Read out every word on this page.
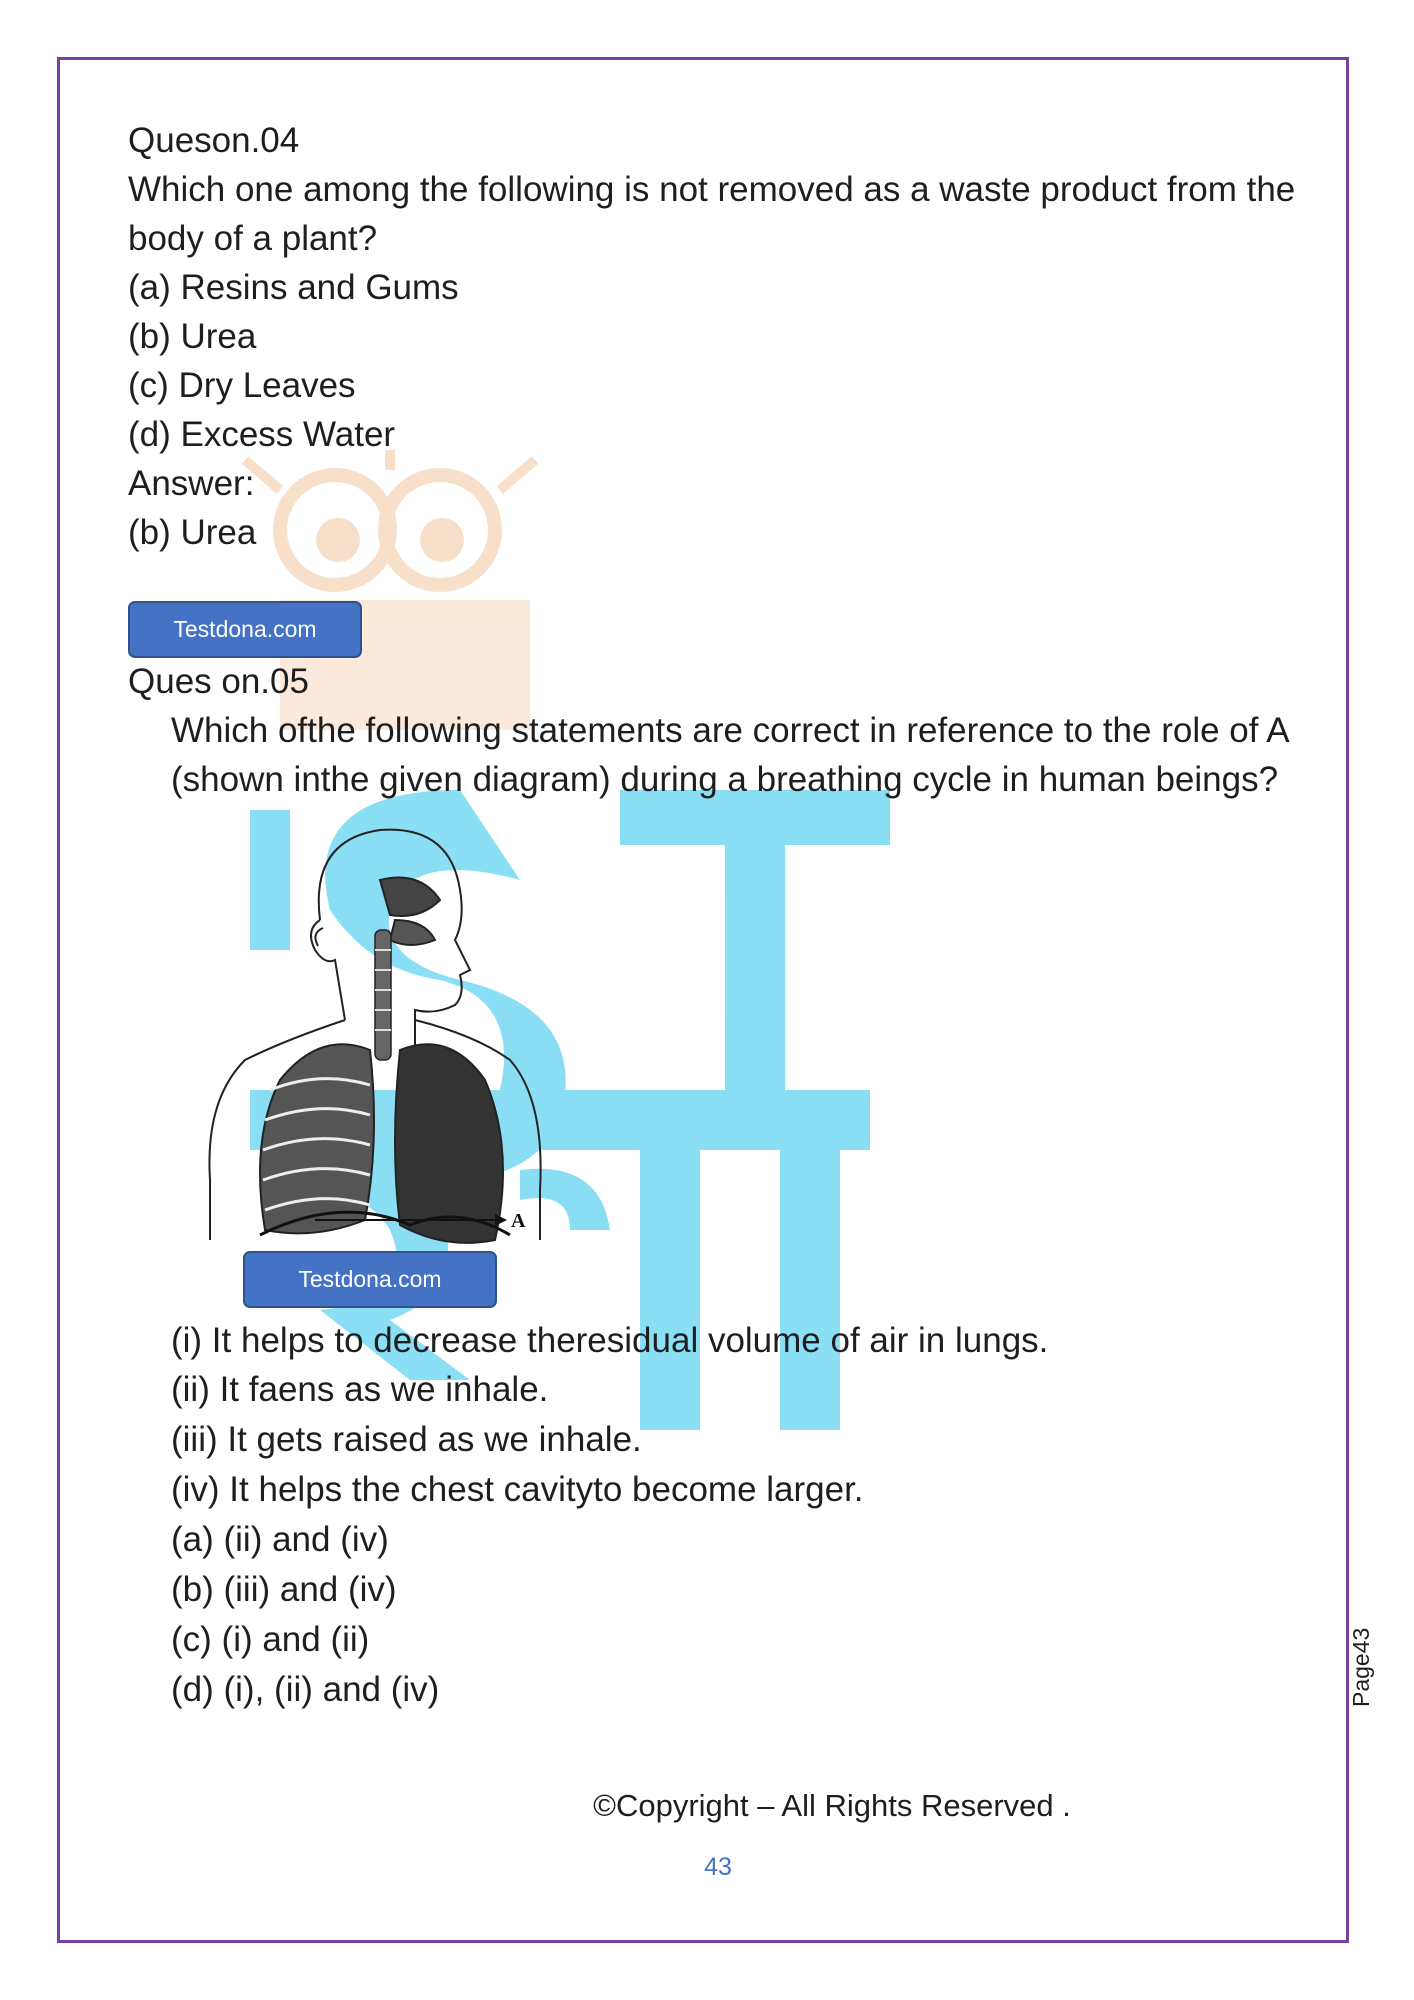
Queson.04
Which one among the following is not removed as a waste product from the
body of a plant?
(a) Resins and Gums
(b) Urea
(c) Dry Leaves
(d) Excess Water
Answer:
(b) Urea
Testdona.com
Ques on.05
Which ofthe following statements are correct in reference to the role of A
(shown inthe given diagram) during a breathing cycle in human beings?
A
Testdona.com
(i) It helps to decrease theresidual volume of air in lungs.
(ii) It faens as we inhale.
(iii) It gets raised as we inhale.
(iv) It helps the chest cavityto become larger.
(a) (ii) and (iv)
(b) (iii) and (iv)
(c) (i) and (ii)
(d) (i), (ii) and (iv)	Page43
©Copyright – All Rights Reserved .
43
